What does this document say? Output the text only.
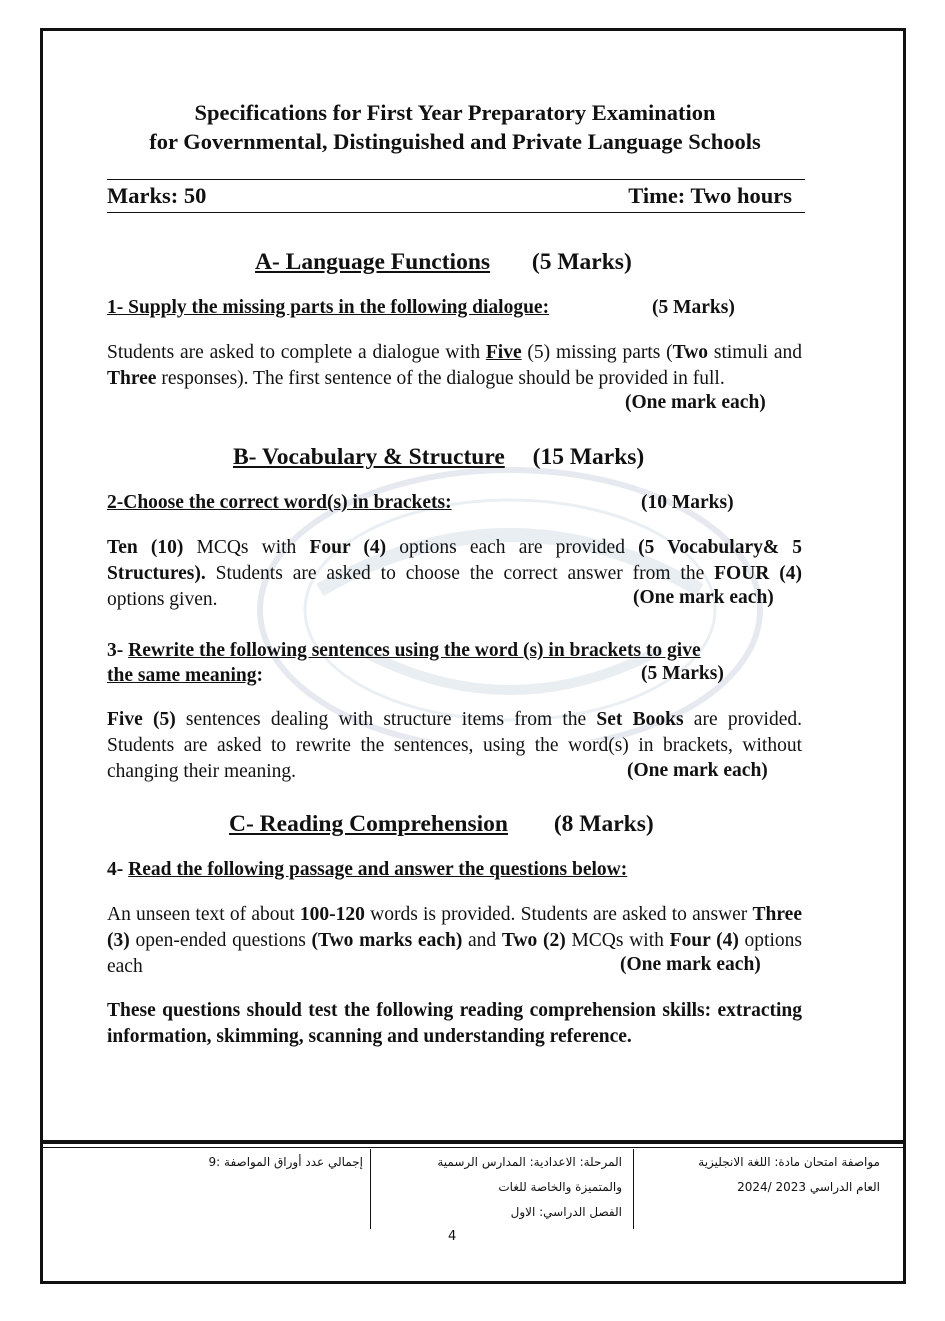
Specifications for First Year Preparatory Examination
for Governmental, Distinguished and Private Language Schools
Marks: 50	Time: Two hours
A- Language Functions (5 Marks)
1- Supply the missing parts in the following dialogue:	(5 Marks)
Students are asked to complete a dialogue with Five (5) missing parts (Two stimuli and Three responses). The first sentence of the dialogue should be provided in full.
(One mark each)
B- Vocabulary & Structure (15 Marks)
2-Choose the correct word(s) in brackets:	(10 Marks)
Ten (10) MCQs with Four (4) options each are provided (5 Vocabulary& 5 Structures). Students are asked to choose the correct answer from the FOUR (4) options given.	(One mark each)
3- Rewrite the following sentences using the word (s) in brackets to give
the same meaning:	(5 Marks)
Five (5) sentences dealing with structure items from the Set Books are provided. Students are asked to rewrite the sentences, using the word(s) in brackets, without changing their meaning.	(One mark each)
C- Reading Comprehension (8 Marks)
4- Read the following passage and answer the questions below:
An unseen text of about 100-120 words is provided. Students are asked to answer Three (3) open-ended questions (Two marks each) and Two (2) MCQs with Four (4) options each	(One mark each)
These questions should test the following reading comprehension skills: extracting information, skimming, scanning and understanding reference.
مواصفة امتحان مادة: اللغة الانجليزية
العام الدراسي 2023 /2024
المرحلة: الاعدادية: المدارس الرسمية
والمتميزة والخاصة للغات
الفصل الدراسي: الاول
إجمالي عدد أوراق المواصفة :9
4
